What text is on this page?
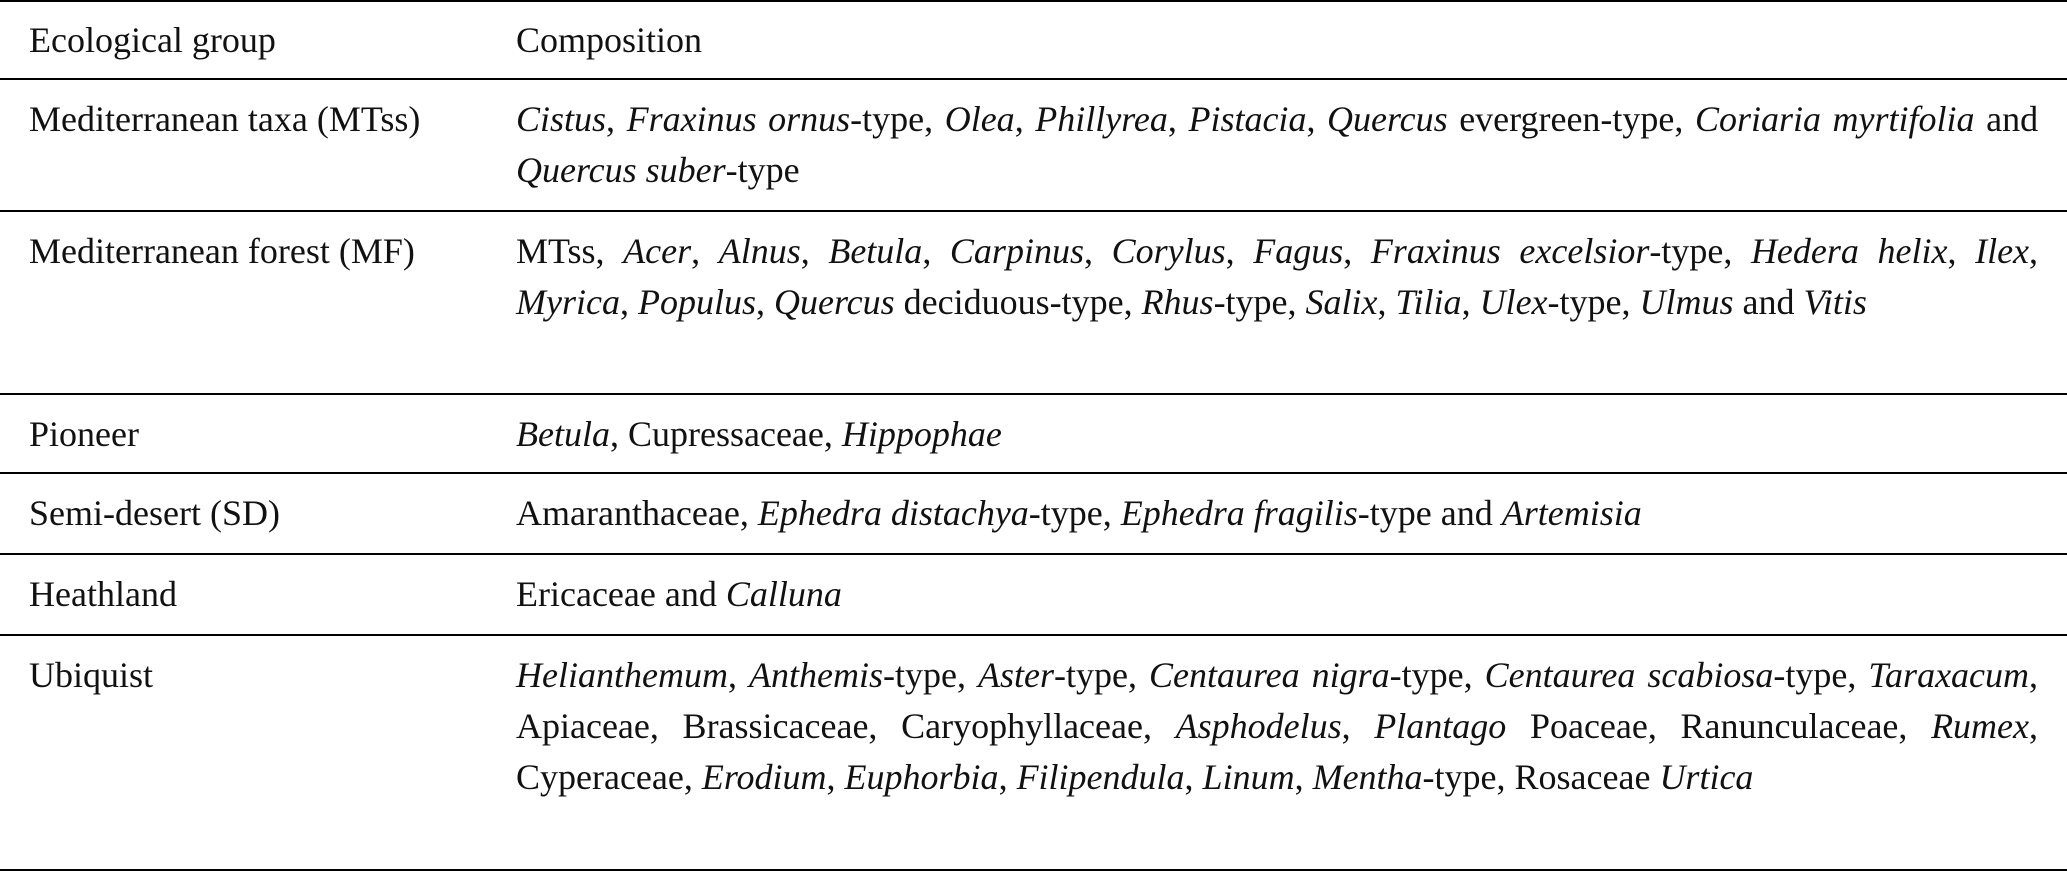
Ecological group	Composition
Mediterranean taxa (MTss)	Cistus, Fraxinus ornus-type, Olea, Phillyrea, Pistacia, Quercus evergreen-type, Coriaria myrtifolia and Quercus suber-type
Mediterranean forest (MF)	MTss, Acer, Alnus, Betula, Carpinus, Corylus, Fagus, Fraxinus excelsior-type, Hedera helix, Ilex, Myrica, Populus, Quercus deciduous-type, Rhus-type, Salix, Tilia, Ulex-type, Ulmus and Vitis
Pioneer	Betula, Cupressaceae, Hippophae
Semi-desert (SD)	Amaranthaceae, Ephedra distachya-type, Ephedra fragilis-type and Artemisia
Heathland	Ericaceae and Calluna
Ubiquist	Helianthemum, Anthemis-type, Aster-type, Centaurea nigra-type, Centaurea scabiosa-type, Taraxacum, Apiaceae, Brassicaceae, Caryophyllaceae, Asphodelus, Plantago Poaceae, Ranunculaceae, Rumex, Cyperaceae, Erodium, Euphorbia, Filipendula, Linum, Mentha-type, Rosaceae Urtica
